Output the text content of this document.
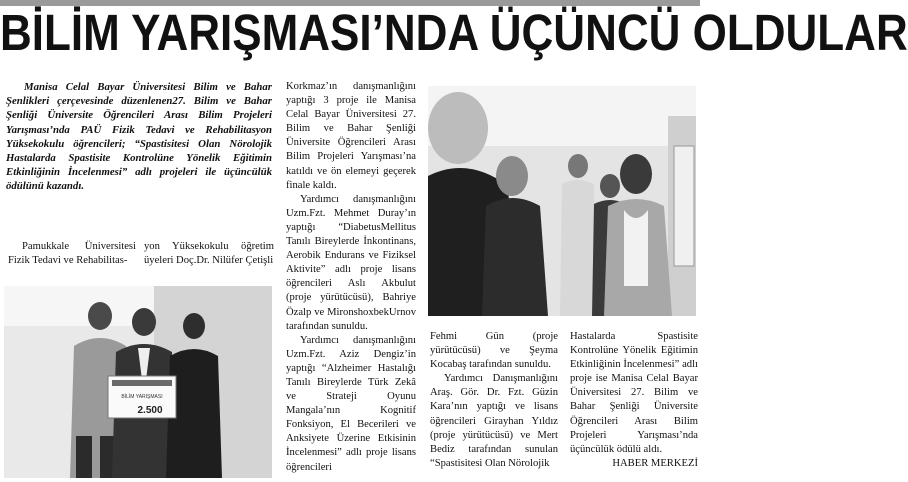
BİLİM YARIŞMASI’NDA ÜÇÜNCÜ OLDULAR
Manisa Celal Bayar Üniversitesi Bilim ve Bahar Şenlikleri çerçevesinde düzenlenen27. Bilim ve Bahar Şenliği Üniversite Öğrencileri Arası Bilim Projeleri Yarışması’nda PAÜ Fizik Tedavi ve Rehabilitasyon Yüksekokulu öğrencileri; “Spastisitesi Olan Nörolojik Hastalarda Spastisite Kontrolüne Yönelik Eğitimin Etkinliğinin İncelenmesi” adlı projeleri ile üçüncülük ödülünü kazandı.

Pamukkale Üniversitesi Fizik Tedavi ve Rehabilitas-

yon Yüksekokulu öğretim üyeleri Doç.Dr. Nilüfer Çetişli

BİLİM YARIŞMASI
2.500

Korkmaz’ın danışmanlığını yaptığı 3 proje ile Manisa Celal Bayar Üniversitesi 27. Bilim ve Bahar Şenliği Üniversite Öğrencileri Arası Bilim Projeleri Yarışması’na katıldı ve ön elemeyi geçerek finale kaldı.

Yardımcı danışmanlığını Uzm.Fzt. Mehmet Duray’ın yaptığı “DiabetusMellitus Tanılı Bireylerde İnkontinans, Aerobik Endurans ve Fiziksel Aktivite” adlı proje lisans öğrencileri Aslı Akbulut (proje yürütücüsü), Bahriye Özalp ve MironshoxbekUrnov tarafından sunuldu.

Yardımcı danışmanlığını Uzm.Fzt. Aziz Dengiz’in yaptığı “Alzheimer Hastalığı Tanılı Bireylerde Türk Zekâ ve Strateji Oyunu Mangala’nın Kognitif Fonksiyon, El Becerileri ve Anksiyete Üzerine Etkisinin İncelenmesi” adlı proje lisans öğrencileri

Fehmi Gün (proje yürütücüsü) ve Şeyma Kocabaş tarafından sunuldu.

Yardımcı Danışmanlığını Araş. Gör. Dr. Fzt. Güzin Kara’nın yaptığı ve lisans öğrencileri Girayhan Yıldız (proje yürütücüsü) ve Mert Bediz tarafından sunulan “Spastisitesi Olan Nörolojik

Hastalarda Spastisite Kontrolüne Yönelik Eğitimin Etkinliğinin İncelenmesi” adlı proje ise Manisa Celal Bayar Üniversitesi 27. Bilim ve Bahar Şenliği Üniversite Öğrencileri Arası Bilim Projeleri Yarışması’nda üçüncülük ödülü aldı.

HABER MERKEZİ
